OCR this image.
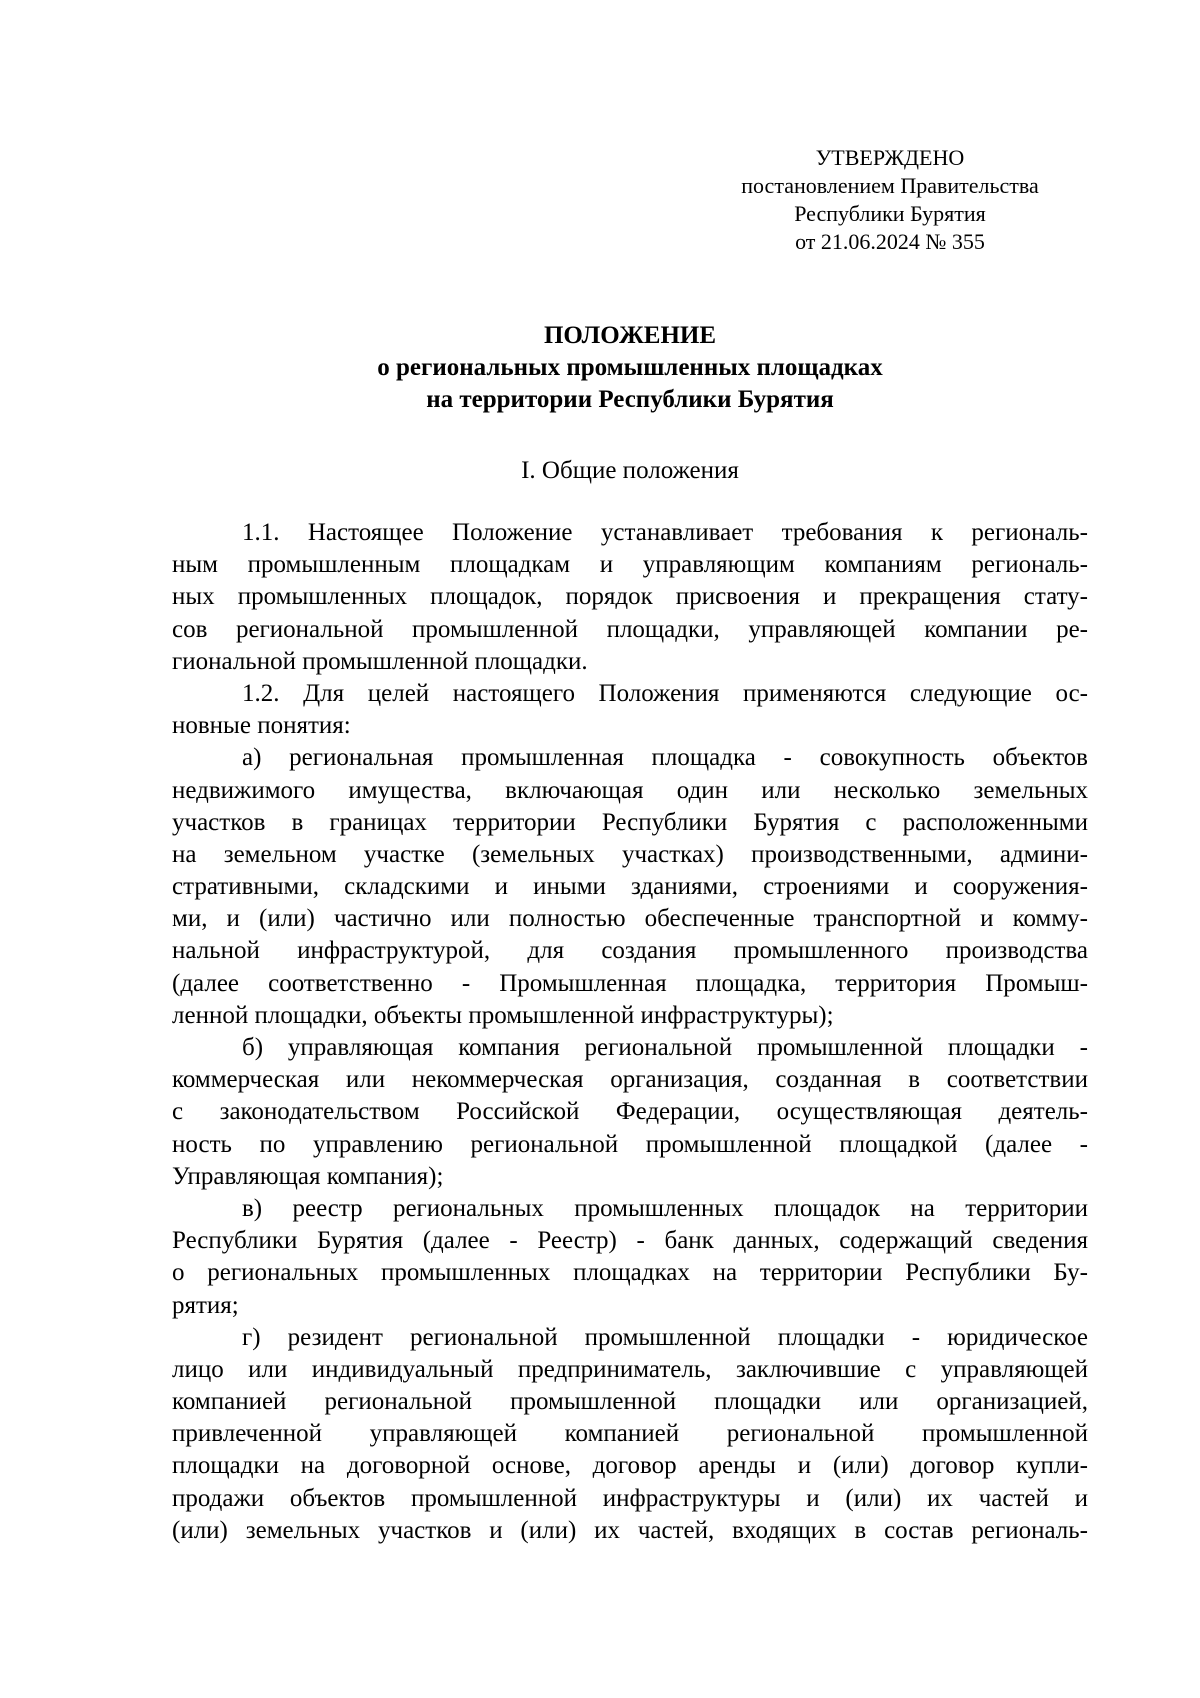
УТВЕРЖДЕНО
постановлением Правительства
Республики Бурятия
от 21.06.2024 № 355
ПОЛОЖЕНИЕ
о региональных промышленных площадках
на территории Республики Бурятия
I. Общие положения
1.1. Настоящее Положение устанавливает требования к региональ-
ным промышленным площадкам и управляющим компаниям региональ-
ных промышленных площадок, порядок присвоения и прекращения стату-
сов региональной промышленной площадки, управляющей компании ре-
гиональной промышленной площадки.
1.2. Для целей настоящего Положения применяются следующие ос-
новные понятия:
а) региональная промышленная площадка - совокупность объектов
недвижимого имущества, включающая один или несколько земельных
участков в границах территории Республики Бурятия с расположенными
на земельном участке (земельных участках) производственными, админи-
стративными, складскими и иными зданиями, строениями и сооружения-
ми, и (или) частично или полностью обеспеченные транспортной и комму-
нальной инфраструктурой, для создания промышленного производства
(далее соответственно - Промышленная площадка, территория Промыш-
ленной площадки, объекты промышленной инфраструктуры);
б) управляющая компания региональной промышленной площадки -
коммерческая или некоммерческая организация, созданная в соответствии
с законодательством Российской Федерации, осуществляющая деятель-
ность по управлению региональной промышленной площадкой (далее -
Управляющая компания);
в) реестр региональных промышленных площадок на территории
Республики Бурятия (далее - Реестр) - банк данных, содержащий сведения
о региональных промышленных площадках на территории Республики Бу-
рятия;
г) резидент региональной промышленной площадки - юридическое
лицо или индивидуальный предприниматель, заключившие с управляющей
компанией региональной промышленной площадки или организацией,
привлеченной управляющей компанией региональной промышленной
площадки на договорной основе, договор аренды и (или) договор купли-
продажи объектов промышленной инфраструктуры и (или) их частей и
(или) земельных участков и (или) их частей, входящих в состав региональ-
